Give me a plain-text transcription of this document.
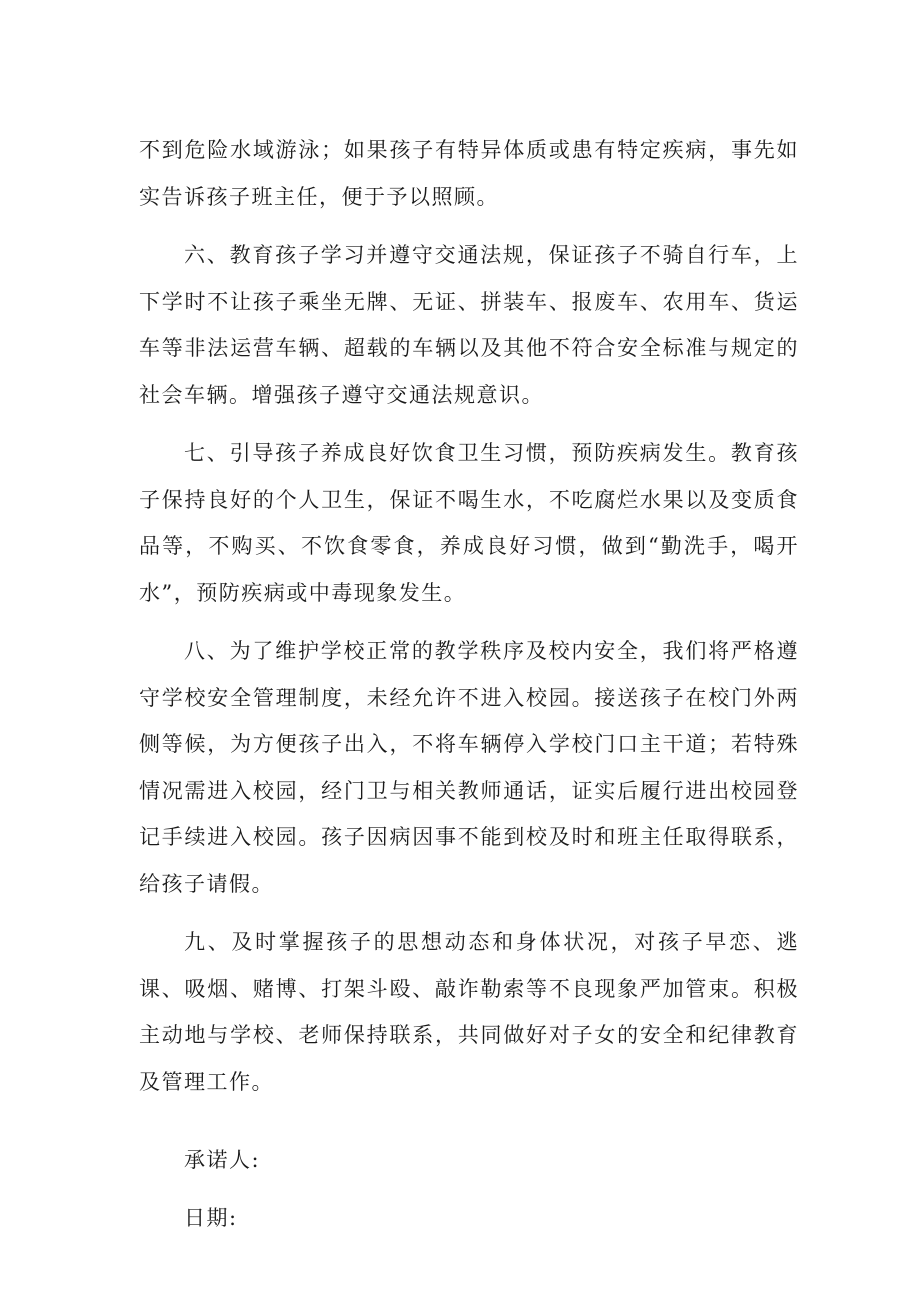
不到危险水域游泳；如果孩子有特异体质或患有特定疾病，事先如实告诉孩子班主任，便于予以照顾。

六、教育孩子学习并遵守交通法规，保证孩子不骑自行车，上下学时不让孩子乘坐无牌、无证、拼装车、报废车、农用车、货运车等非法运营车辆、超载的车辆以及其他不符合安全标准与规定的社会车辆。增强孩子遵守交通法规意识。

七、引导孩子养成良好饮食卫生习惯，预防疾病发生。教育孩子保持良好的个人卫生，保证不喝生水，不吃腐烂水果以及变质食品等，不购买、不饮食零食，养成良好习惯，做到“勤洗手，喝开水”，预防疾病或中毒现象发生。

八、为了维护学校正常的教学秩序及校内安全，我们将严格遵守学校安全管理制度，未经允许不进入校园。接送孩子在校门外两侧等候，为方便孩子出入，不将车辆停入学校门口主干道；若特殊情况需进入校园，经门卫与相关教师通话，证实后履行进出校园登记手续进入校园。孩子因病因事不能到校及时和班主任取得联系，给孩子请假。

九、及时掌握孩子的思想动态和身体状况，对孩子早恋、逃课、吸烟、赌博、打架斗殴、敲诈勒索等不良现象严加管束。积极主动地与学校、老师保持联系，共同做好对子女的安全和纪律教育及管理工作。

承诺人:

日期:
